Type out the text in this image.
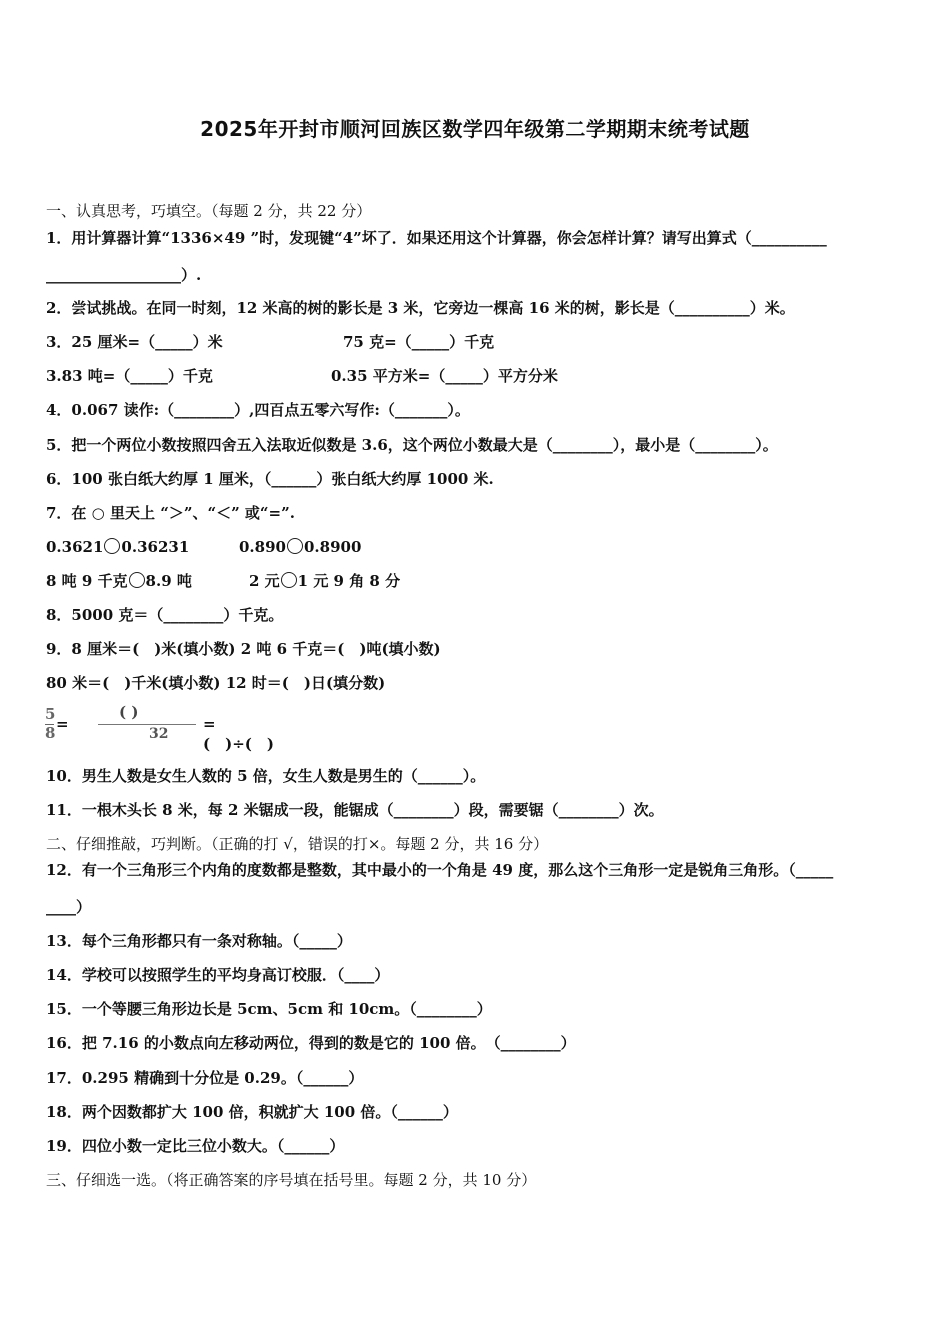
2025年开封市顺河回族区数学四年级第二学期期末统考试题
一、认真思考，巧填空。（每题 2 分，共 22 分）
1．用计算器计算“1336×49 ”时，发现键“4”坏了．如果还用这个计算器，你会怎样计算？请写出算式（__________
__________________）.
2．尝试挑战。在同一时刻，12 米高的树的影长是 3 米，它旁边一棵高 16 米的树，影长是（__________）米。
3．25 厘米=（_____）米	75 克=（_____）千克
3.83 吨=（_____）千克	0.35 平方米=（_____）平方分米
4．0.067 读作:（________）,四百点五零六写作:（_______）。
5．把一个两位小数按照四舍五入法取近似数是 3.6，这个两位小数最大是（________），最小是（________）。
6．100 张白纸大约厚 1 厘米，（______）张白纸大约厚 1000 米.
7．在 ○ 里天上 “＞”、“＜” 或“=”.
0.3621 0.36231	0.890 0.8900
8 吨 9 千克 8.9 吨	2 元 1 元 9 角 8 分
8．5000 克＝（________）千克。
9．8 厘米＝(　)米(填小数) 2 吨 6 千克＝(　)吨(填小数)
80 米＝(　)千米(填小数) 12 时＝(　)日(填分数)
5
8 =
( )
32
=(　)÷(　)
10．男生人数是女生人数的 5 倍，女生人数是男生的（______）。
11．一根木头长 8 米，每 2 米锯成一段，能锯成（________）段，需要锯（________）次。
二、仔细推敲，巧判断。（正确的打 √，错误的打×。每题 2 分，共 16 分）
12．有一个三角形三个内角的度数都是整数，其中最小的一个角是 49 度，那么这个三角形一定是锐角三角形。（_____
____）
13．每个三角形都只有一条对称轴。（_____）
14．学校可以按照学生的平均身高订校服．（____）
15．一个等腰三角形边长是 5cm、5cm 和 10cm。（________）
16．把 7.16 的小数点向左移动两位，得到的数是它的 100 倍。　（________）
17．0.295 精确到十分位是 0.29。（______）
18．两个因数都扩大 100 倍，积就扩大 100 倍。（______）
19．四位小数一定比三位小数大。（______）
三、仔细选一选。（将正确答案的序号填在括号里。每题 2 分，共 10 分）
